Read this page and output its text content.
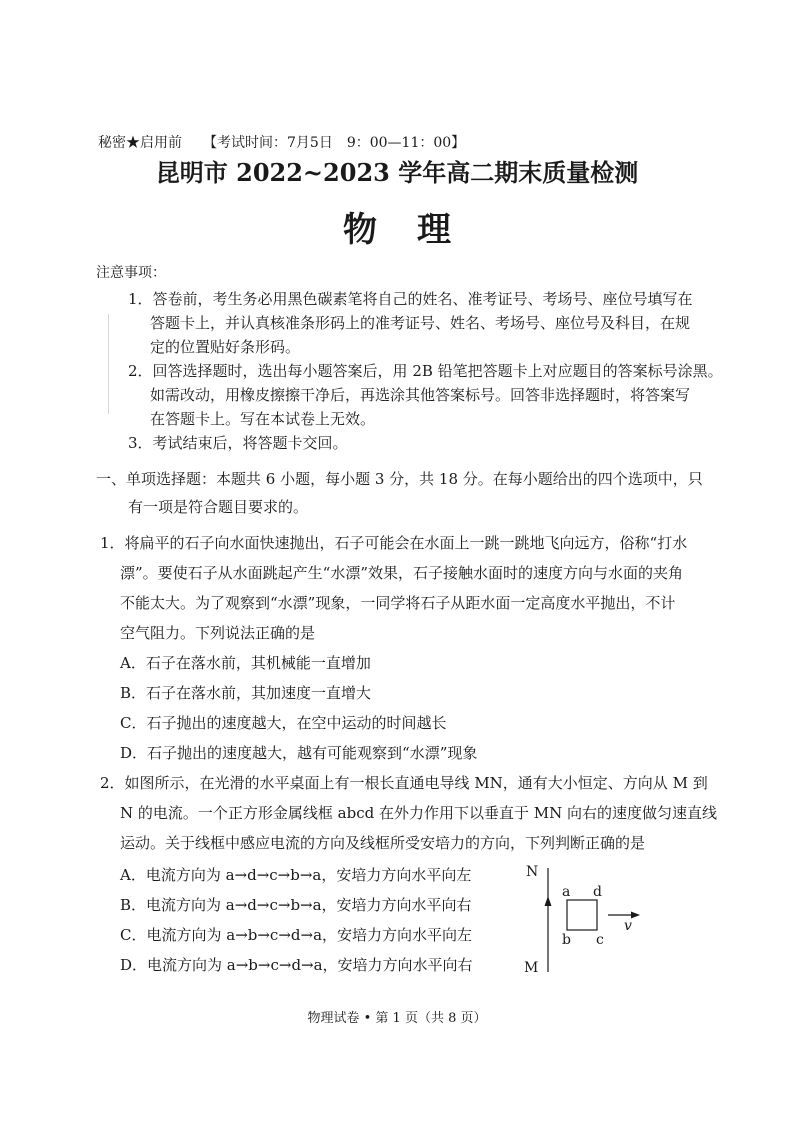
秘密★启用前　　【考试时间：7月5日　9：00—11：00】
昆明市 2022~2023 学年高二期末质量检测
物理
注意事项：
1．答卷前，考生务必用黑色碳素笔将自己的姓名、准考证号、考场号、座位号填写在
答题卡上，并认真核准条形码上的准考证号、姓名、考场号、座位号及科目，在规
定的位置贴好条形码。
2．回答选择题时，选出每小题答案后，用 2B 铅笔把答题卡上对应题目的答案标号涂黑。
如需改动，用橡皮擦擦干净后，再选涂其他答案标号。回答非选择题时，将答案写
在答题卡上。写在本试卷上无效。
3．考试结束后，将答题卡交回。
一、单项选择题：本题共 6 小题，每小题 3 分，共 18 分。在每小题给出的四个选项中，只
有一项是符合题目要求的。
1．将扁平的石子向水面快速抛出，石子可能会在水面上一跳一跳地飞向远方，俗称“打水
漂”。要使石子从水面跳起产生“水漂”效果，石子接触水面时的速度方向与水面的夹角
不能太大。为了观察到“水漂”现象，一同学将石子从距水面一定高度水平抛出，不计
空气阻力。下列说法正确的是
A．石子在落水前，其机械能一直增加
B．石子在落水前，其加速度一直增大
C．石子抛出的速度越大，在空中运动的时间越长
D．石子抛出的速度越大，越有可能观察到“水漂”现象
2．如图所示，在光滑的水平桌面上有一根长直通电导线 MN，通有大小恒定、方向从 M 到
N 的电流。一个正方形金属线框 abcd 在外力作用下以垂直于 MN 向右的速度做匀速直线
运动。关于线框中感应电流的方向及线框所受安培力的方向，下列判断正确的是
A．电流方向为 a→d→c→b→a，安培力方向水平向左
B．电流方向为 a→d→c→b→a，安培力方向水平向右
C．电流方向为 a→b→c→d→a，安培力方向水平向左
D．电流方向为 a→b→c→d→a，安培力方向水平向右
N
M
a d
b c
v
物理试卷 • 第 1 页（共 8 页）
